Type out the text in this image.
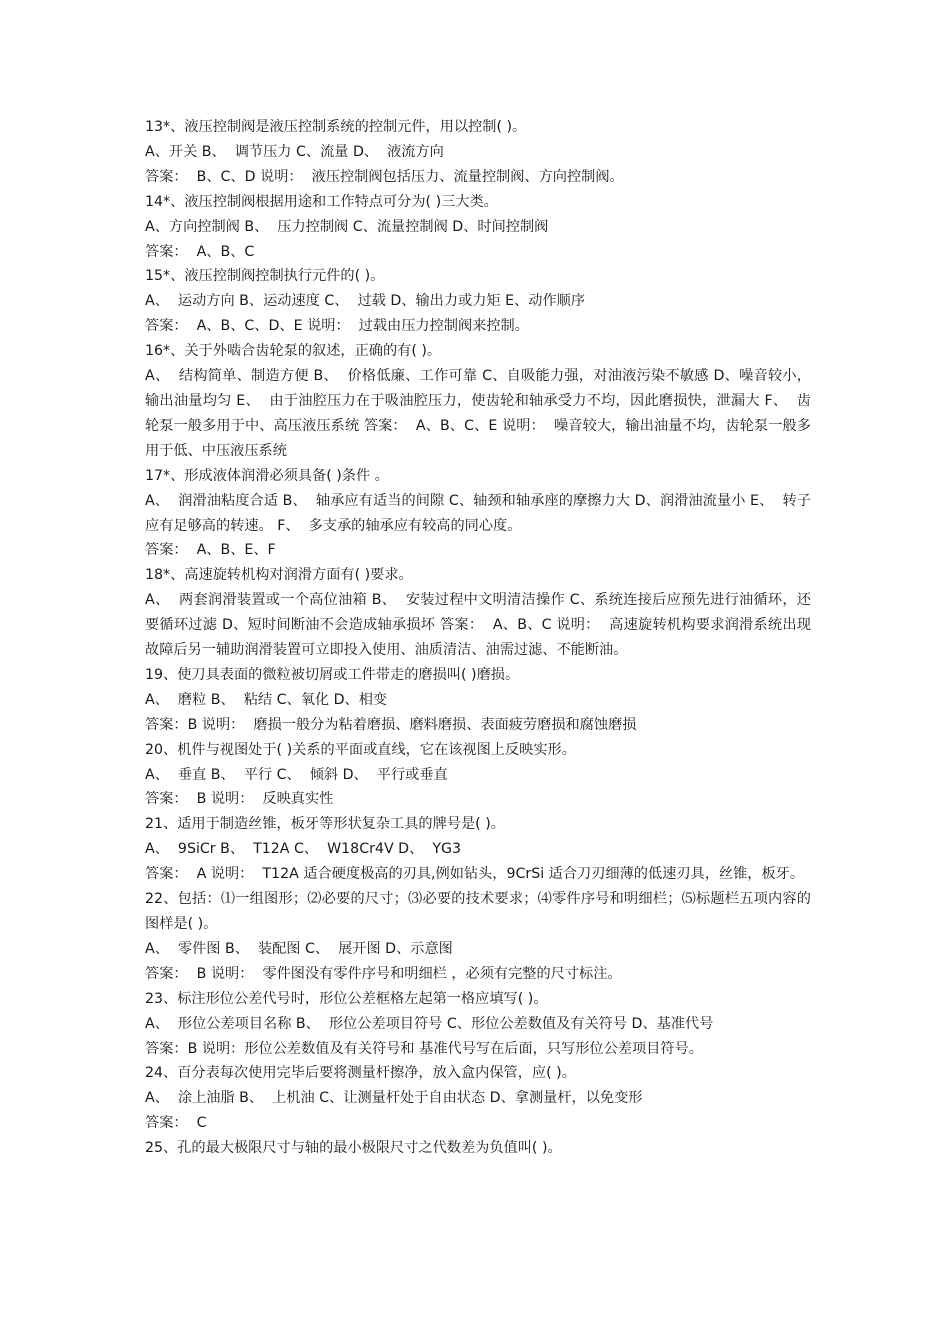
13*、液压控制阀是液压控制系统的控制元件，用以控制( )。

A、开关 B、  调节压力 C、流量 D、  液流方向

答案：  B、C、D 说明：  液压控制阀包括压力、流量控制阀、方向控制阀。

14*、液压控制阀根据用途和工作特点可分为( )三大类。

A、方向控制阀 B、  压力控制阀 C、流量控制阀 D、时间控制阀

答案：  A、B、C

15*、液压控制阀控制执行元件的( )。

A、  运动方向 B、运动速度 C、  过载 D、输出力或力矩 E、动作顺序

答案：  A、B、C、D、E 说明：  过载由压力控制阀来控制。

16*、关于外啮合齿轮泵的叙述，正确的有( )。

A、  结构简单、制造方便 B、  价格低廉、工作可靠 C、自吸能力强，对油液污染不敏感 D、噪音较小，输出油量均匀 E、  由于油腔压力在于吸油腔压力，使齿轮和轴承受力不均，因此磨损快，泄漏大 F、  齿轮泵一般多用于中、高压液压系统 答案：  A、B、C、E 说明：  噪音较大，输出油量不均，齿轮泵一般多用于低、中压液压系统

17*、形成液体润滑必须具备( )条件 。

A、  润滑油粘度合适 B、  轴承应有适当的间隙 C、轴颈和轴承座的摩擦力大 D、润滑油流量小 E、  转子应有足够高的转速。 F、  多支承的轴承应有较高的同心度。

答案：  A、B、E、F

18*、高速旋转机构对润滑方面有( )要求。

A、  两套润滑装置或一个高位油箱 B、  安装过程中文明清洁操作 C、系统连接后应预先进行油循环，还要循环过滤 D、短时间断油不会造成轴承损坏 答案：  A、B、C 说明：  高速旋转机构要求润滑系统出现故障后另一辅助润滑装置可立即投入使用、油质清洁、油需过滤、不能断油。

19、使刀具表面的微粒被切屑或工件带走的磨损叫( )磨损。

A、  磨粒 B、  粘结 C、氧化 D、相变

答案：B 说明：  磨损一般分为粘着磨损、磨料磨损、表面疲劳磨损和腐蚀磨损

20、机件与视图处于( )关系的平面或直线，它在该视图上反映实形。

A、  垂直 B、  平行 C、  倾斜 D、  平行或垂直

答案：  B 说明：  反映真实性

21、适用于制造丝锥，板牙等形状复杂工具的牌号是( )。

A、  9SiCr B、  T12A C、  W18Cr4V D、  YG3

答案：  A 说明：  T12A 适合硬度极高的刃具,例如钻头，9CrSi 适合刀刃细薄的低速刃具，丝锥，板牙。

22、包括：⑴一组图形；⑵必要的尺寸；⑶必要的技术要求；⑷零件序号和明细栏；⑸标题栏五项内容的图样是( )。

A、  零件图 B、  装配图 C、  展开图 D、示意图

答案：  B 说明：  零件图没有零件序号和明细栏 ，必须有完整的尺寸标注。

23、标注形位公差代号时，形位公差框格左起第一格应填写( )。

A、  形位公差项目名称 B、  形位公差项目符号 C、形位公差数值及有关符号 D、基准代号

答案：B 说明：形位公差数值及有关符号和 基准代号写在后面，只写形位公差项目符号。

24、百分表每次使用完毕后要将测量杆擦净，放入盒内保管，应( )。

A、  涂上油脂 B、  上机油 C、让测量杆处于自由状态 D、拿测量杆，以免变形

答案：  C

25、孔的最大极限尺寸与轴的最小极限尺寸之代数差为负值叫( )。
